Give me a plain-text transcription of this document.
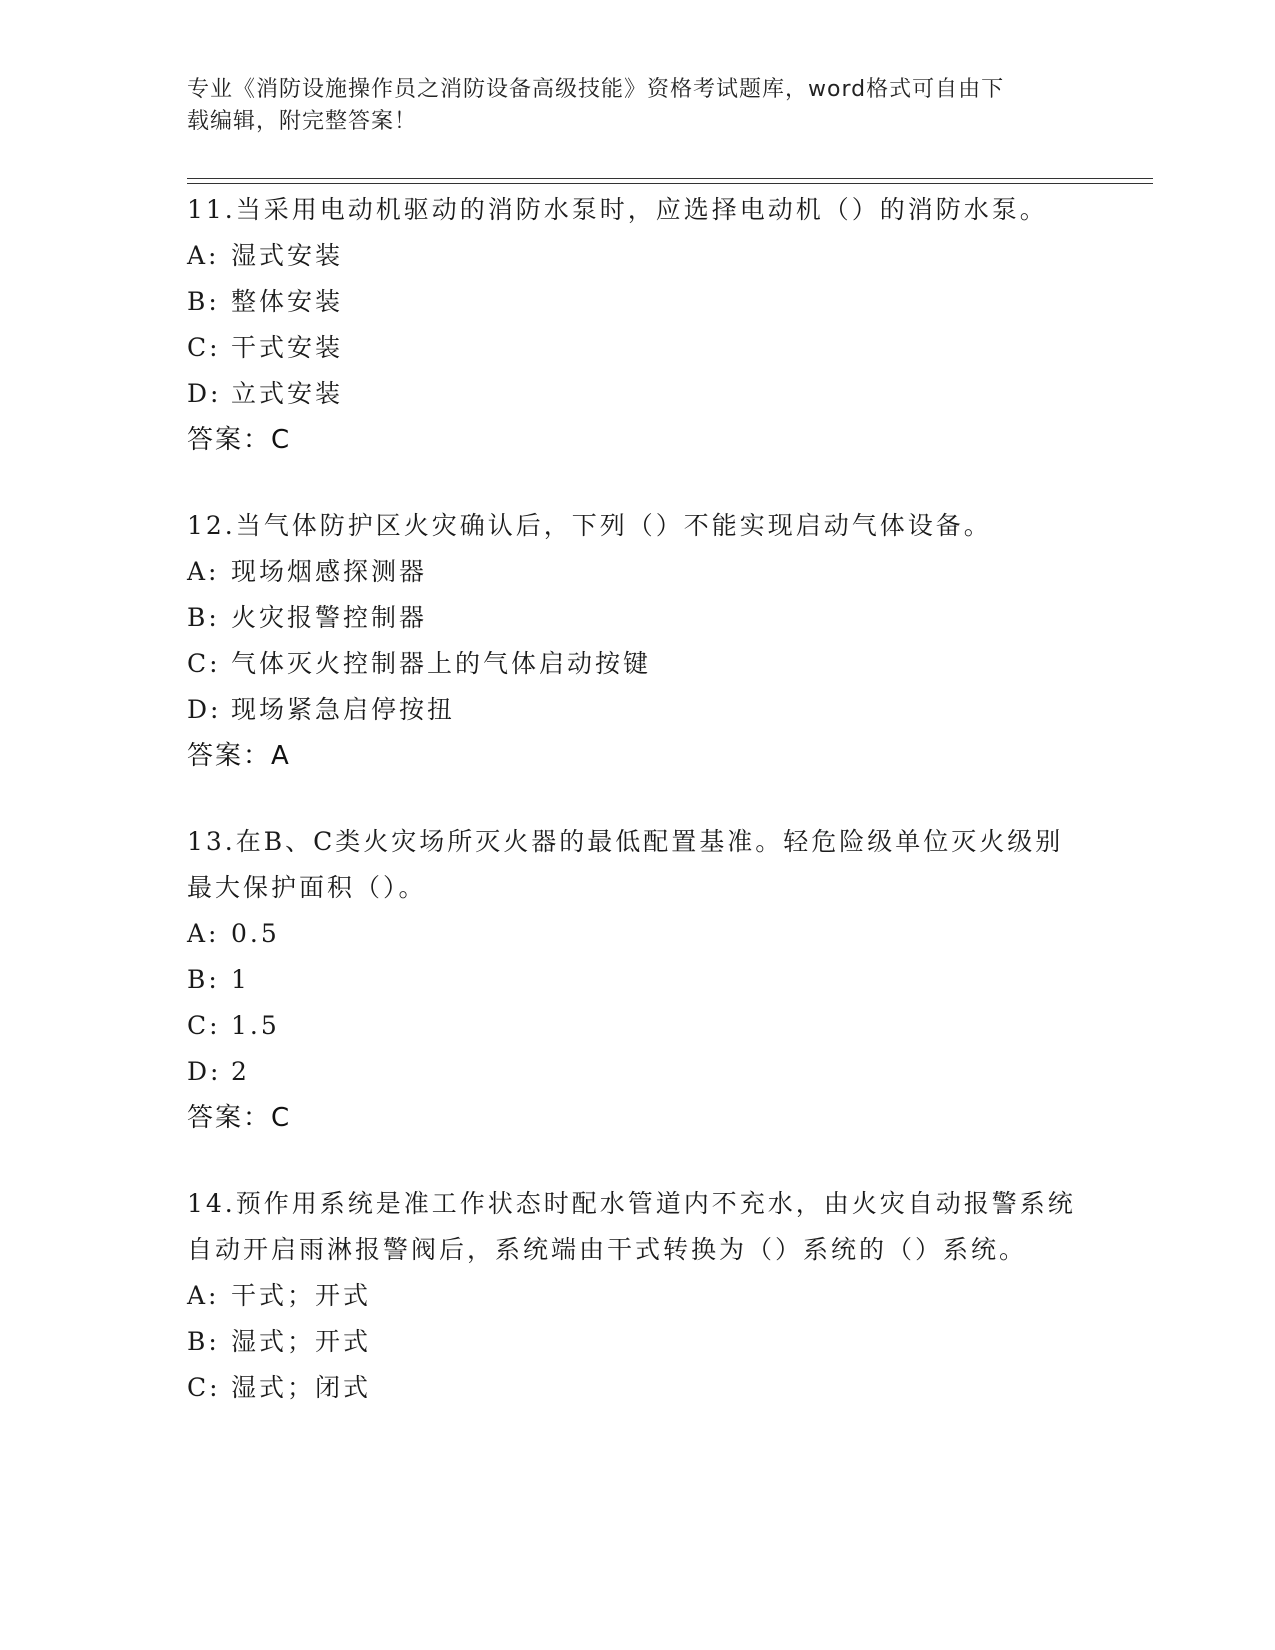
专业《消防设施操作员之消防设备高级技能》资格考试题库，word格式可自由下
载编辑，附完整答案！
11.当采用电动机驱动的消防水泵时，应选择电动机（）的消防水泵。
A: 湿式安装
B: 整体安装
C: 干式安装
D: 立式安装
答案：C
12.当气体防护区火灾确认后，下列（）不能实现启动气体设备。
A: 现场烟感探测器
B: 火灾报警控制器
C: 气体灭火控制器上的气体启动按键
D: 现场紧急启停按扭
答案：A
13.在B、C类火灾场所灭火器的最低配置基准。轻危险级单位灭火级别最大保护面积（）。
A: 0.5
B: 1
C: 1.5
D: 2
答案：C
14.预作用系统是准工作状态时配水管道内不充水，由火灾自动报警系统自动开启雨淋报警阀后，系统端由干式转换为（）系统的（）系统。
A: 干式；开式
B: 湿式；开式
C: 湿式；闭式
